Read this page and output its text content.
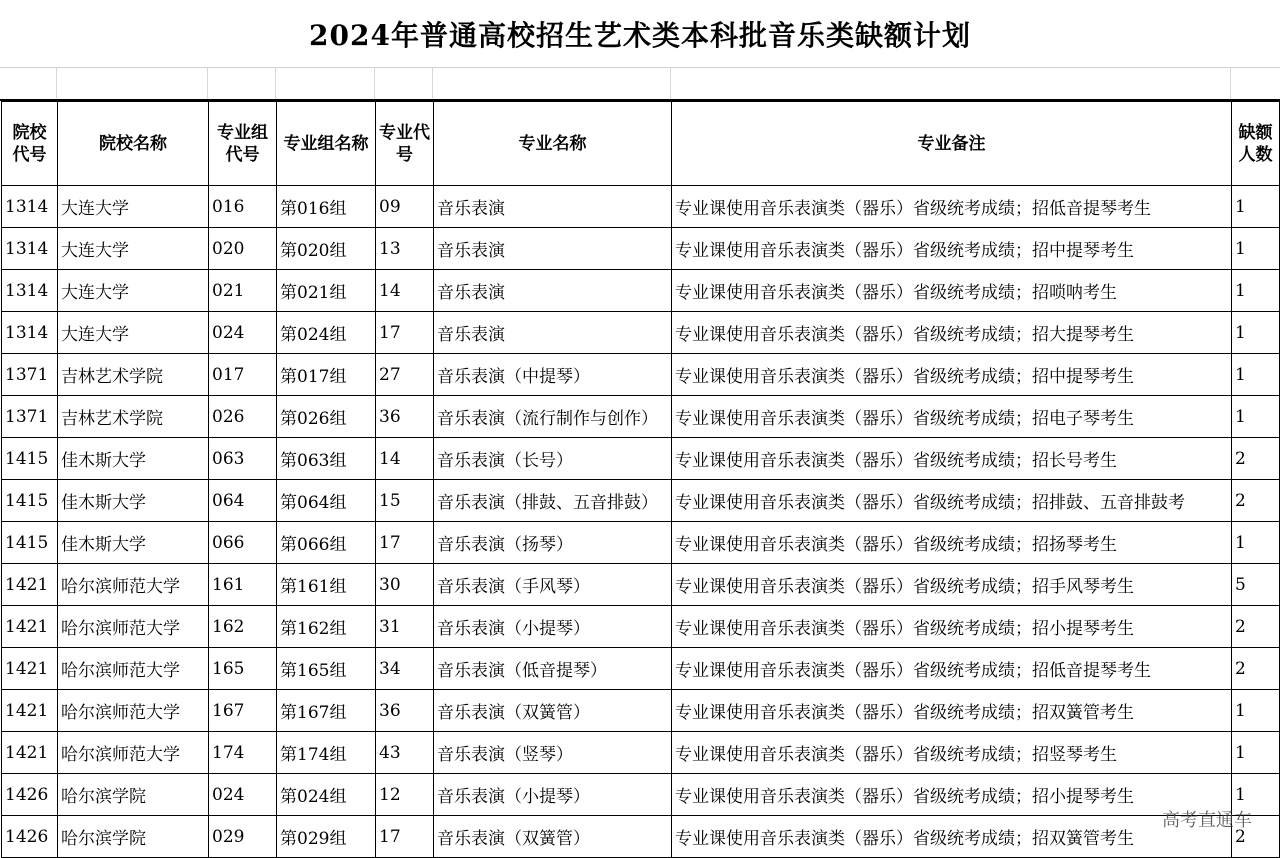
2024年普通高校招生艺术类本科批音乐类缺额计划
院校代号	院校名称	专业组代号	专业组名称	专业代号	专业名称	专业备注	缺额人数
1314	大连大学	016	第016组	09	音乐表演	专业课使用音乐表演类（器乐）省级统考成绩；招低音提琴考生	1
1314	大连大学	020	第020组	13	音乐表演	专业课使用音乐表演类（器乐）省级统考成绩；招中提琴考生	1
1314	大连大学	021	第021组	14	音乐表演	专业课使用音乐表演类（器乐）省级统考成绩；招唢呐考生	1
1314	大连大学	024	第024组	17	音乐表演	专业课使用音乐表演类（器乐）省级统考成绩；招大提琴考生	1
1371	吉林艺术学院	017	第017组	27	音乐表演（中提琴）	专业课使用音乐表演类（器乐）省级统考成绩；招中提琴考生	1
1371	吉林艺术学院	026	第026组	36	音乐表演（流行制作与创作）	专业课使用音乐表演类（器乐）省级统考成绩；招电子琴考生	1
1415	佳木斯大学	063	第063组	14	音乐表演（长号）	专业课使用音乐表演类（器乐）省级统考成绩；招长号考生	2
1415	佳木斯大学	064	第064组	15	音乐表演（排鼓、五音排鼓）	专业课使用音乐表演类（器乐）省级统考成绩；招排鼓、五音排鼓考	2
1415	佳木斯大学	066	第066组	17	音乐表演（扬琴）	专业课使用音乐表演类（器乐）省级统考成绩；招扬琴考生	1
1421	哈尔滨师范大学	161	第161组	30	音乐表演（手风琴）	专业课使用音乐表演类（器乐）省级统考成绩；招手风琴考生	5
1421	哈尔滨师范大学	162	第162组	31	音乐表演（小提琴）	专业课使用音乐表演类（器乐）省级统考成绩；招小提琴考生	2
1421	哈尔滨师范大学	165	第165组	34	音乐表演（低音提琴）	专业课使用音乐表演类（器乐）省级统考成绩；招低音提琴考生	2
1421	哈尔滨师范大学	167	第167组	36	音乐表演（双簧管）	专业课使用音乐表演类（器乐）省级统考成绩；招双簧管考生	1
1421	哈尔滨师范大学	174	第174组	43	音乐表演（竖琴）	专业课使用音乐表演类（器乐）省级统考成绩；招竖琴考生	1
1426	哈尔滨学院	024	第024组	12	音乐表演（小提琴）	专业课使用音乐表演类（器乐）省级统考成绩；招小提琴考生	1
1426	哈尔滨学院	029	第029组	17	音乐表演（双簧管）	专业课使用音乐表演类（器乐）省级统考成绩；招双簧管考生	2
高考直通车
